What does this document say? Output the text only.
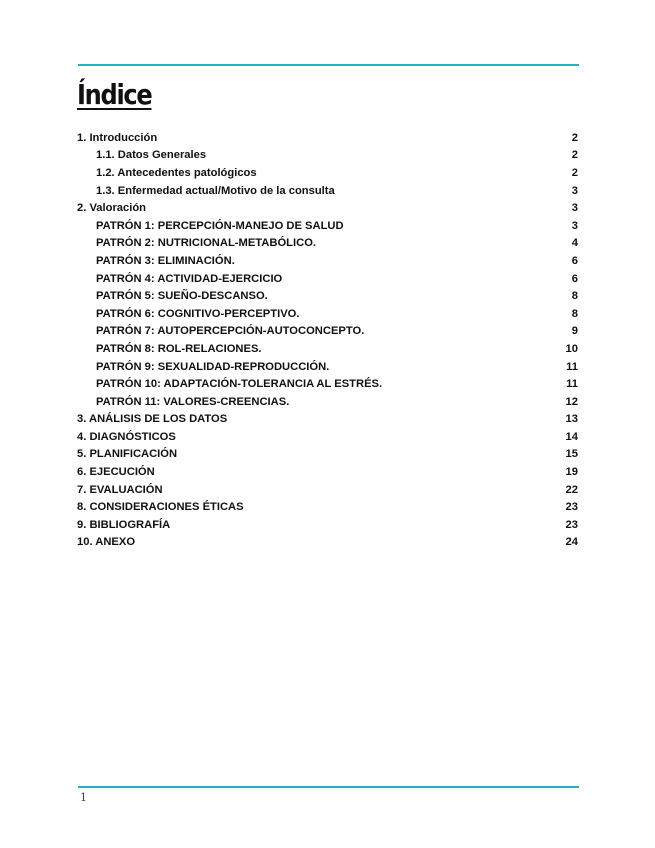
Índice
1. Introducción	2
1.1. Datos Generales	2
1.2. Antecedentes patológicos	2
1.3. Enfermedad actual/Motivo de la consulta	3
2. Valoración	3
PATRÓN 1: PERCEPCIÓN-MANEJO DE SALUD	3
PATRÓN 2: NUTRICIONAL-METABÓLICO.	4
PATRÓN 3: ELIMINACIÓN.	6
PATRÓN 4: ACTIVIDAD-EJERCICIO	6
PATRÓN 5: SUEÑO-DESCANSO.	8
PATRÓN 6: COGNITIVO-PERCEPTIVO.	8
PATRÓN 7: AUTOPERCEPCIÓN-AUTOCONCEPTO.	9
PATRÓN 8: ROL-RELACIONES.	10
PATRÓN 9: SEXUALIDAD-REPRODUCCIÓN.	11
PATRÓN 10: ADAPTACIÓN-TOLERANCIA AL ESTRÉS.	11
PATRÓN 11: VALORES-CREENCIAS.	12
3. ANÁLISIS DE LOS DATOS	13
4. DIAGNÓSTICOS	14
5. PLANIFICACIÓN	15
6. EJECUCIÓN	19
7. EVALUACIÓN	22
8. CONSIDERACIONES ÉTICAS	23
9. BIBLIOGRAFÍA	23
10. ANEXO	24
1
